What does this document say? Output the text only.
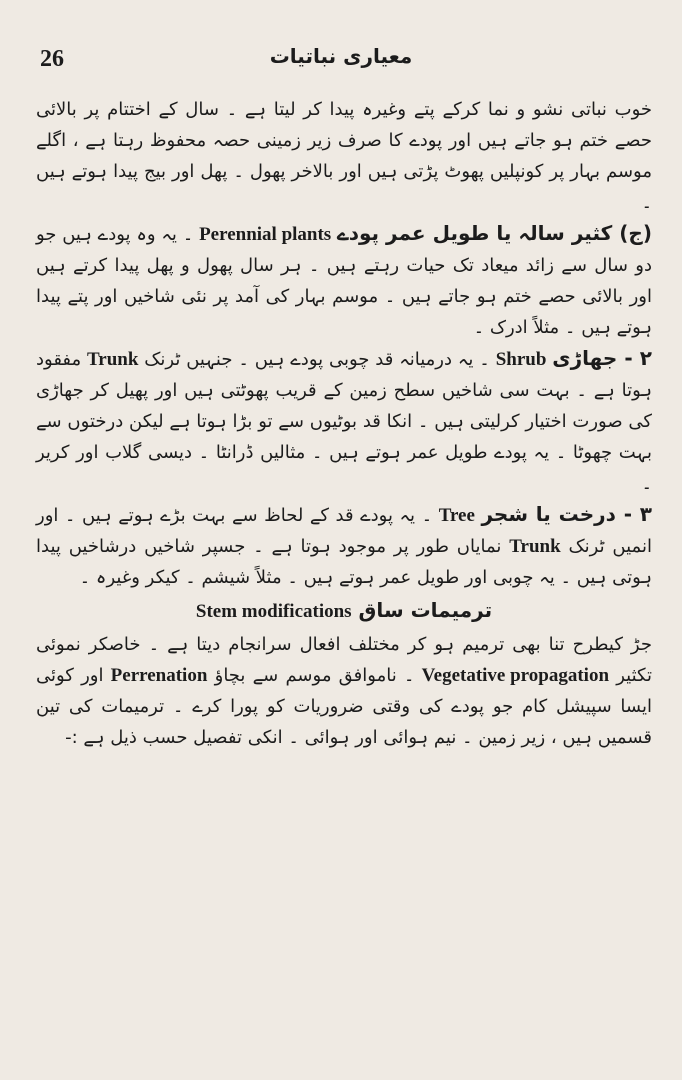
26	معیاری نباتیات

خوب نباتی نشو و نما کرکے پتے وغیرہ پیدا کر لیتا ہے ۔ سال کے اختتام پر بالائی حصے ختم ہو جاتے ہیں اور پودے کا صرف زیر زمینی حصہ محفوظ رہتا ہے ، اگلے موسم بہار پر کونپلیں پھوٹ پڑتی ہیں اور بالاخر پھول ۔ پھل اور بیج پیدا ہوتے ہیں ۔

(ج) کثیر سالہ یا طویل عمر پودے Perennial plants ۔ یہ وہ پودے ہیں جو دو سال سے زائد میعاد تک حیات رہتے ہیں ۔ ہر سال پھول و پھل پیدا کرتے ہیں اور بالائی حصے ختم ہو جاتے ہیں ۔ موسم بہار کی آمد پر نئی شاخیں اور پتے پیدا ہوتے ہیں ۔ مثلاً ادرک ۔

۲ - جھاڑی Shrub ۔ یہ درمیانہ قد چوبی پودے ہیں ۔ جنہیں ٹرنک Trunk مفقود ہوتا ہے ۔ بہت سی شاخیں سطح زمین کے قریب پھوٹتی ہیں اور پھیل کر جھاڑی کی صورت اختیار کرلیتی ہیں ۔ انکا قد بوٹیوں سے تو بڑا ہوتا ہے لیکن درختوں سے بہت چھوٹا ۔ یہ پودے طویل عمر ہوتے ہیں ۔ مثالیں ڈرانٹا ۔ دیسی گلاب اور کریر ۔

۳ - درخت یا شجر Tree ۔ یہ پودے قد کے لحاظ سے بہت بڑے ہوتے ہیں ۔ اور انمیں ٹرنک Trunk نمایاں طور پر موجود ہوتا ہے ۔ جسپر شاخیں درشاخیں پیدا ہوتی ہیں ۔ یہ چوبی اور طویل عمر ہوتے ہیں ۔ مثلاً شیشم ۔ کیکر وغیرہ ۔

ترمیمات ساق Stem modifications

جڑ کیطرح تنا بھی ترمیم ہو کر مختلف افعال سرانجام دیتا ہے ۔ خاصکر نموئی تکثیر Vegetative propagation ۔ ناموافق موسم سے بچاؤ Perrenation اور کوئی ایسا سپیشل کام جو پودے کی وقتی ضروریات کو پورا کرے ۔ ترمیمات کی تین قسمیں ہیں ، زیر زمین ۔ نیم ہوائی اور ہوائی ۔ انکی تفصیل حسب ذیل ہے :-
